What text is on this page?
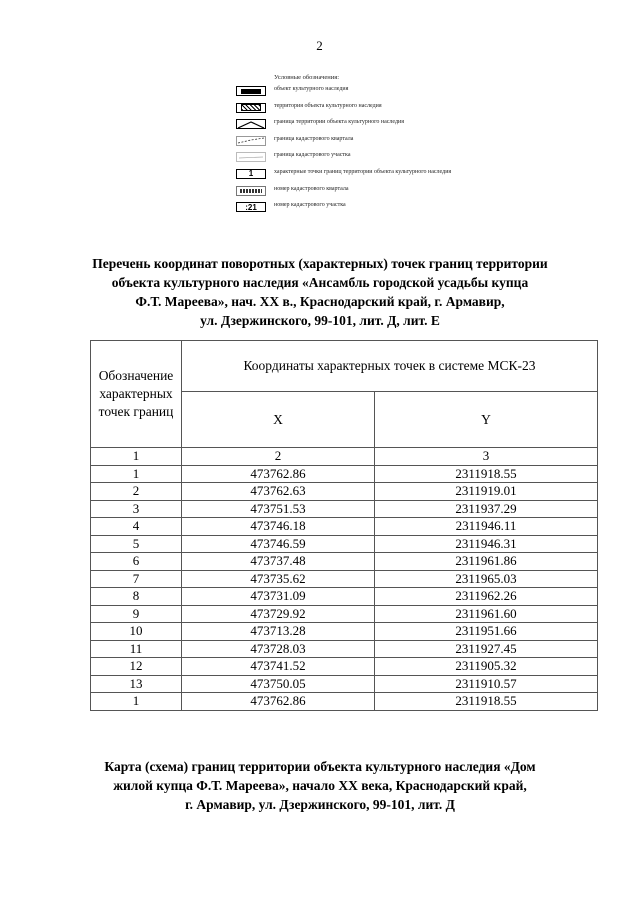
2
Условные обозначения:
объект культурного наследия
территория объекта культурного наследия
граница территории объекта культурного наследия
граница кадастрового квартала
граница кадастрового участка
1	характерные точки границ территории объекта культурного наследия
номер кадастрового квартала
:21	номер кадастрового участка
Перечень координат поворотных (характерных) точек границ территории
объекта культурного наследия «Ансамбль городской усадьбы купца
Ф.Т. Мареева», нач. XX в., Краснодарский край, г. Армавир,
ул. Дзержинского, 99-101, лит. Д, лит. Е
Обозначение
характерных
точек границ	Координаты характерных точек в системе МСК-23	
	X	Y
1	2	3
1	473762.86	2311918.55
2	473762.63	2311919.01
3	473751.53	2311937.29
4	473746.18	2311946.11
5	473746.59	2311946.31
6	473737.48	2311961.86
7	473735.62	2311965.03
8	473731.09	2311962.26
9	473729.92	2311961.60
10	473713.28	2311951.66
11	473728.03	2311927.45
12	473741.52	2311905.32
13	473750.05	2311910.57
1	473762.86	2311918.55
Карта (схема) границ территории объекта культурного наследия «Дом
жилой купца Ф.Т. Мареева», начало XX века, Краснодарский край,
г. Армавир, ул. Дзержинского, 99-101, лит. Д
